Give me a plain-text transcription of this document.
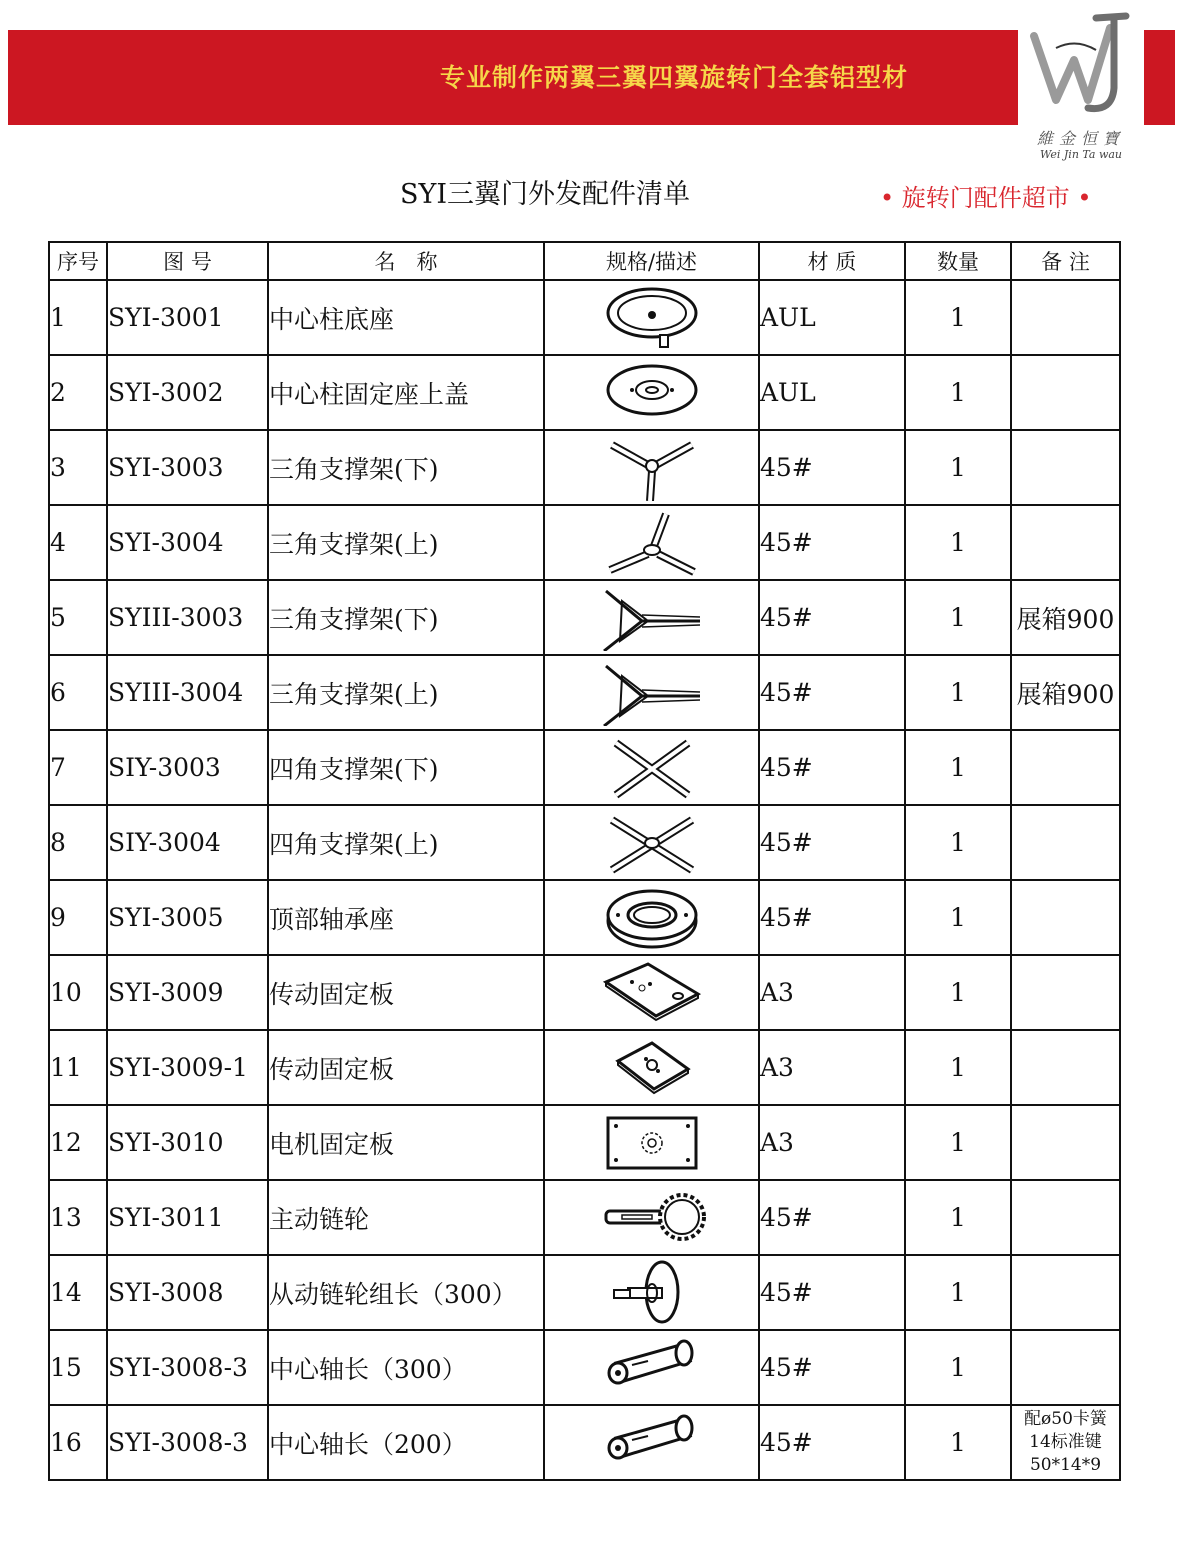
专业制作两翼三翼四翼旋转门全套铝型材
維金恒寶
Wei Jin Ta wau
SYI三翼门外发配件清单	• 旋转门配件超市 •
序号	图 号	名　称	规格/描述	材 质	数量	备 注
1	SYI-3001	中心柱底座		AUL	1	
2	SYI-3002	中心柱固定座上盖		AUL	1	
3	SYI-3003	三角支撑架(下)		45#	1	
4	SYI-3004	三角支撑架(上)		45#	1	
5	SYIII-3003	三角支撑架(下)		45#	1	展箱900
6	SYIII-3004	三角支撑架(上)		45#	1	展箱900
7	SIY-3003	四角支撑架(下)		45#	1	
8	SIY-3004	四角支撑架(上)		45#	1	
9	SYI-3005	顶部轴承座		45#	1	
10	SYI-3009	传动固定板		A3	1	
11	SYI-3009-1	传动固定板		A3	1	
12	SYI-3010	电机固定板		A3	1	
13	SYI-3011	主动链轮		45#	1	
14	SYI-3008	从动链轮组长（300）		45#	1	
15	SYI-3008-3	中心轴长（300）		45#	1	
16	SYI-3008-3	中心轴长（200）		45#	1	配ø50卡簧
14标准键
50*14*9
